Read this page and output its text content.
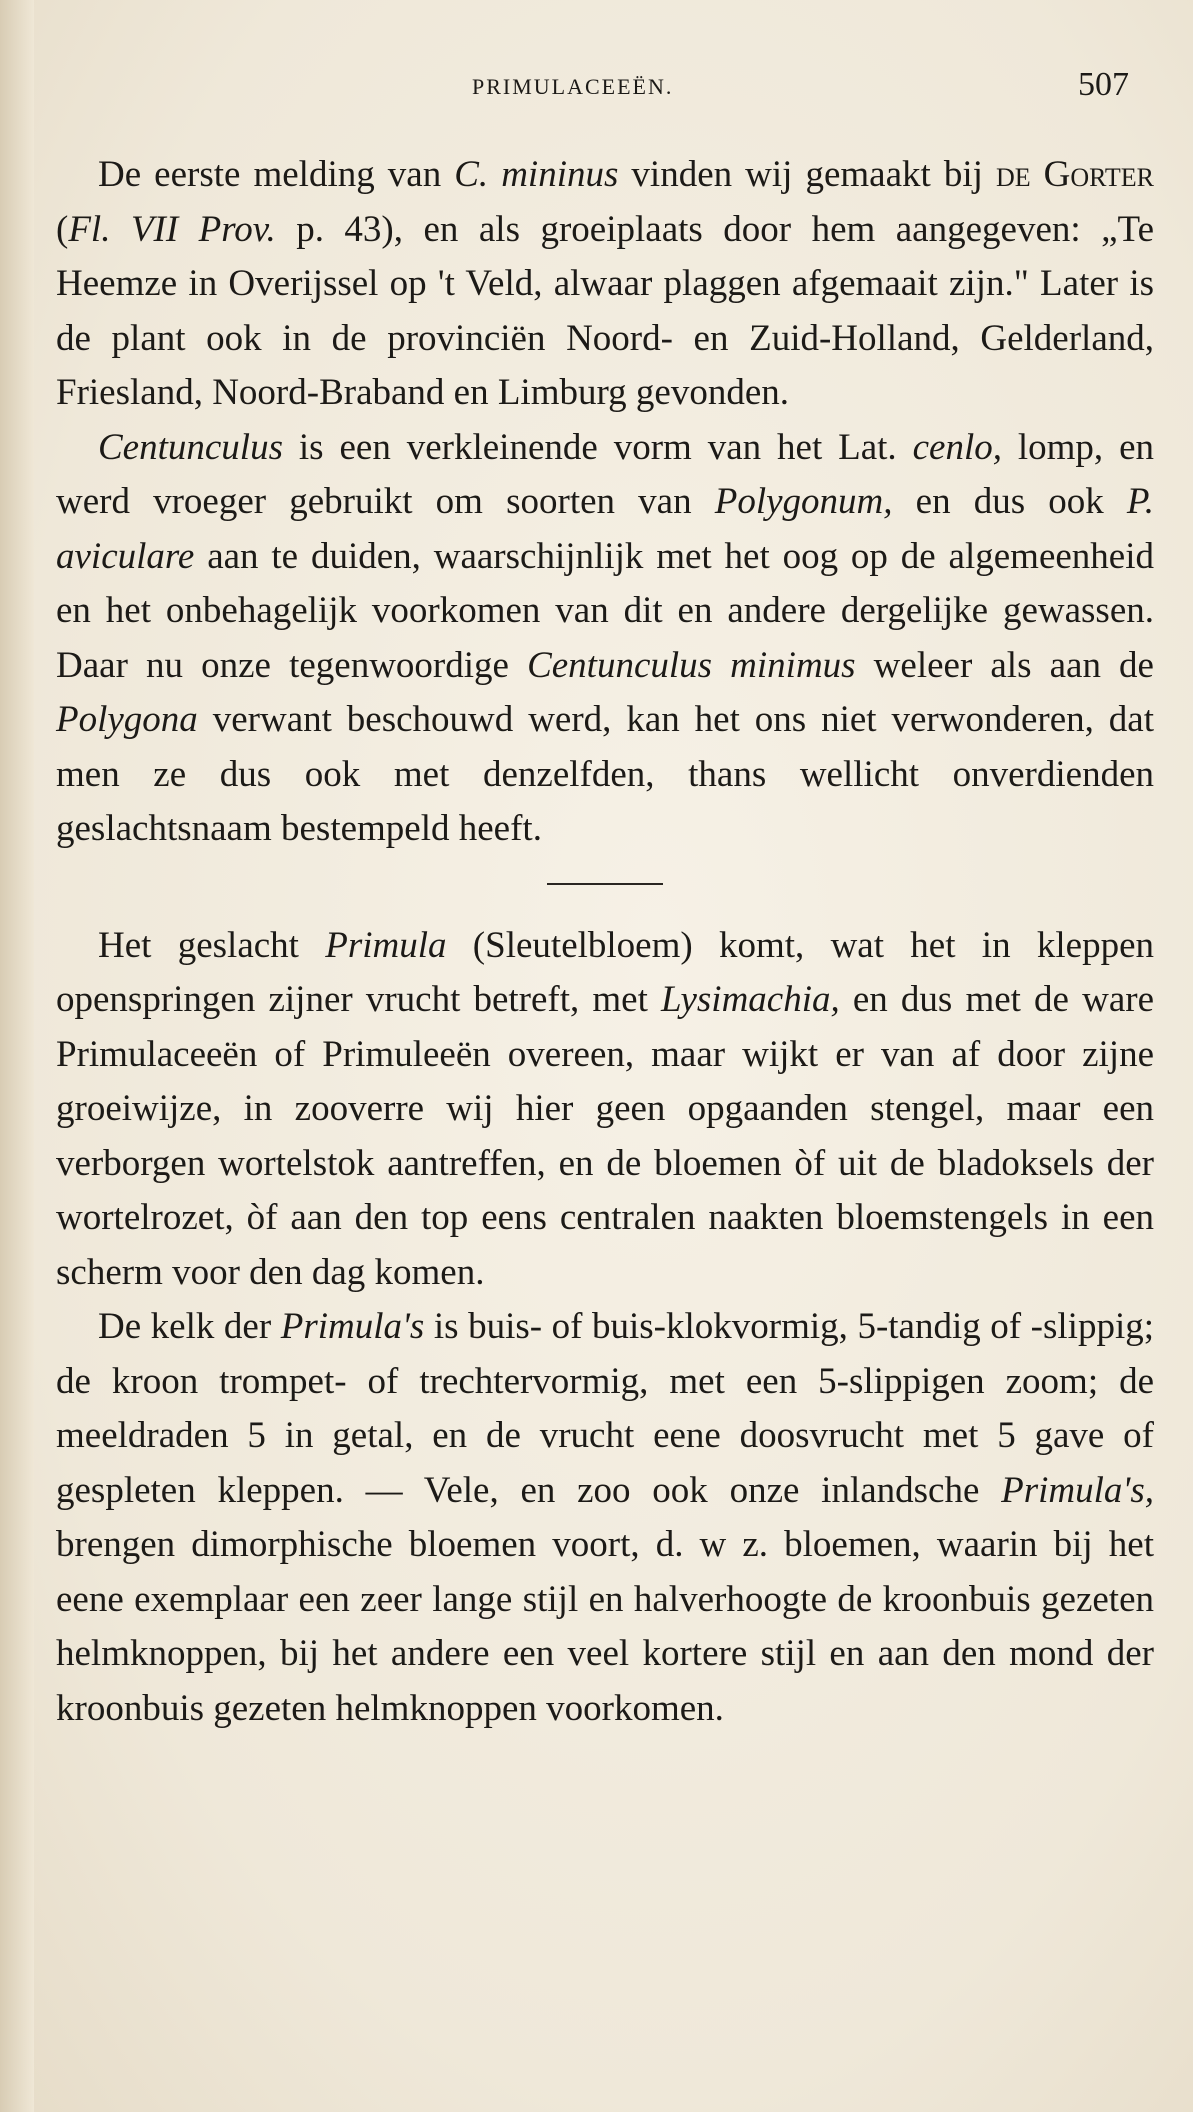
PRIMULACEEËN.	507

De eerste melding van C. mininus vinden wij gemaakt bij de Gorter (Fl. VII Prov. p. 43), en als groeiplaats door hem aangegeven: „Te Heemze in Overijssel op 't Veld, alwaar plaggen afgemaait zijn." Later is de plant ook in de provinciën Noord- en Zuid-Holland, Gelderland, Friesland, Noord-Braband en Limburg gevonden.

Centunculus is een verkleinende vorm van het Lat. cenlo, lomp, en werd vroeger gebruikt om soorten van Polygonum, en dus ook P. aviculare aan te duiden, waarschijnlijk met het oog op de algemeenheid en het onbehagelijk voorkomen van dit en andere dergelijke gewassen. Daar nu onze tegenwoordige Centunculus minimus weleer als aan de Polygona verwant beschouwd werd, kan het ons niet verwonderen, dat men ze dus ook met denzelfden, thans wellicht onverdienden geslachtsnaam bestempeld heeft.

Het geslacht Primula (Sleutelbloem) komt, wat het in kleppen openspringen zijner vrucht betreft, met Lysimachia, en dus met de ware Primulaceeën of Primuleeën overeen, maar wijkt er van af door zijne groeiwijze, in zooverre wij hier geen opgaanden stengel, maar een verborgen wortelstok aantreffen, en de bloemen òf uit de bladoksels der wortelrozet, òf aan den top eens centralen naakten bloemstengels in een scherm voor den dag komen.

De kelk der Primula's is buis- of buis-klokvormig, 5-tandig of -slippig; de kroon trompet- of trechtervormig, met een 5-slippigen zoom; de meeldraden 5 in getal, en de vrucht eene doosvrucht met 5 gave of gespleten kleppen. — Vele, en zoo ook onze inlandsche Primula's, brengen dimorphische bloemen voort, d. w z. bloemen, waarin bij het eene exemplaar een zeer lange stijl en halverhoogte de kroonbuis gezeten helmknoppen, bij het andere een veel kortere stijl en aan den mond der kroonbuis gezeten helmknoppen voorkomen.
